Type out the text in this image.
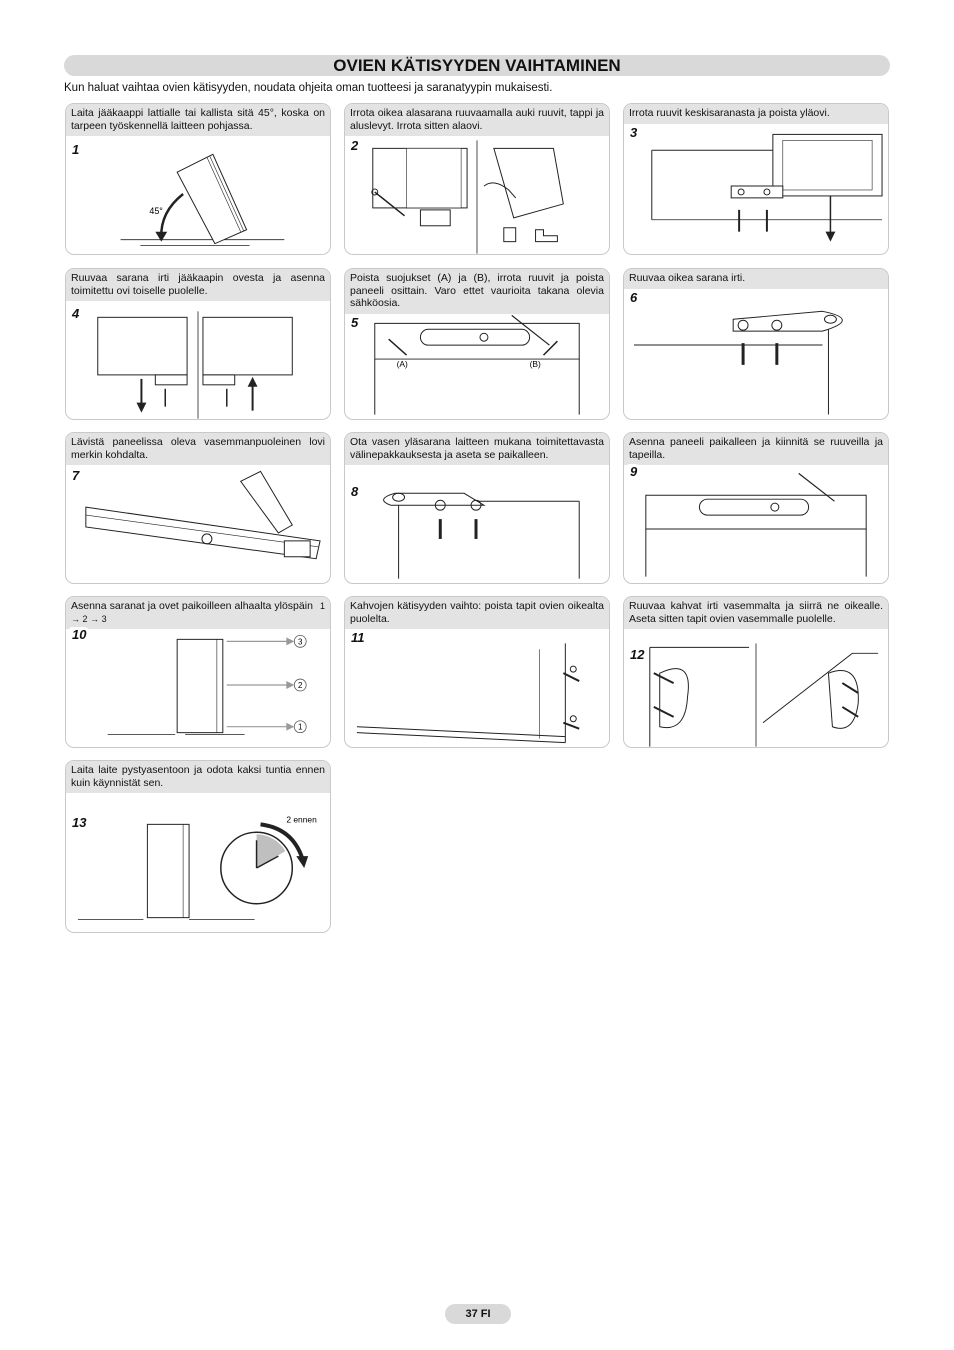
OVIEN KÄTISYYDEN VAIHTAMINEN
Kun haluat vaihtaa ovien kätisyyden, noudata ohjeita oman tuotteesi ja saranatyypin mukaisesti.
Laita jääkaappi lattialle tai kallista sitä 45°, koska on tarpeen työskennellä laitteen pohjassa.
1
45°
Irrota oikea alasarana ruuvaamalla auki ruuvit, tappi ja aluslevyt. Irrota sitten alaovi.
2
Irrota ruuvit keskisaranasta ja poista yläovi.
3
Ruuvaa sarana irti jääkaapin ovesta ja asenna toimitettu ovi toiselle puolelle.
4
Poista suojukset (A) ja (B), irrota ruuvit ja poista paneeli osittain. Varo ettet vaurioita takana olevia sähköosia.
5
(A)	(B)
Ruuvaa oikea sarana irti.
6
Lävistä paneelissa oleva vasemmanpuoleinen lovi merkin kohdalta.
7
Ota vasen yläsarana laitteen mukana toimitettavasta välinepakkauksesta ja aseta se paikalleen.
8
Asenna paneeli paikalleen ja kiinnitä se ruuveilla ja tapeilla.
9
Asenna saranat ja ovet paikoilleen alhaalta ylöspäin 1 → 2 → 3
10	3
2
1
Kahvojen kätisyyden vaihto: poista tapit ovien oikealta puolelta.
11
Ruuvaa kahvat irti vasemmalta ja siirrä ne oikealle. Aseta sitten tapit ovien vasemmalle puolelle.
12
Laita laite pystyasentoon ja odota kaksi tuntia ennen kuin käynnistät sen.
13	2 ennen
37 FI
